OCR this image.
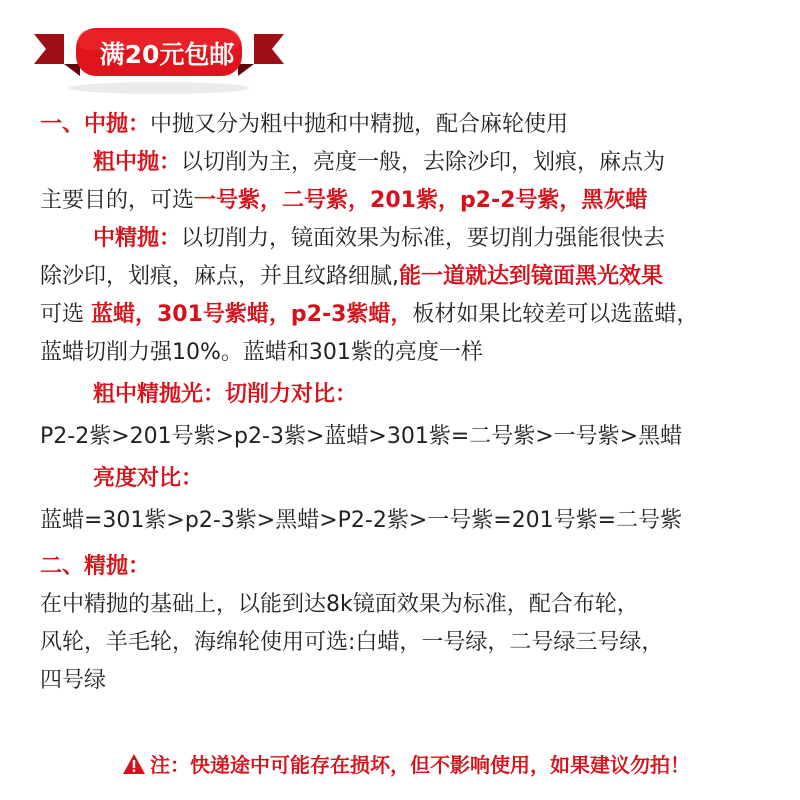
满20元包邮
一、中抛：中抛又分为粗中抛和中精抛，配合麻轮使用
粗中抛：以切削为主，亮度一般，去除沙印，划痕，麻点为
主要目的，可选一号紫，二号紫，201紫，p2-2号紫，黑灰蜡
中精抛：以切削力，镜面效果为标准，要切削力强能很快去
除沙印，划痕，麻点，并且纹路细腻,能一道就达到镜面黑光效果
可选 蓝蜡，301号紫蜡，p2-3紫蜡，板材如果比较差可以选蓝蜡，
蓝蜡切削力强10%。蓝蜡和301紫的亮度一样
粗中精抛光：切削力对比：
P2-2紫>201号紫>p2-3紫>蓝蜡>301紫=二号紫>一号紫>黑蜡
亮度对比：
蓝蜡=301紫>p2-3紫>黑蜡>P2-2紫>一号紫=201号紫=二号紫
二、精抛：
在中精抛的基础上，以能到达8k镜面效果为标准，配合布轮，
风轮，羊毛轮，海绵轮使用可选:白蜡，一号绿，二号绿三号绿，
四号绿
注：快递途中可能存在损坏，但不影响使用，如果建议勿拍！
